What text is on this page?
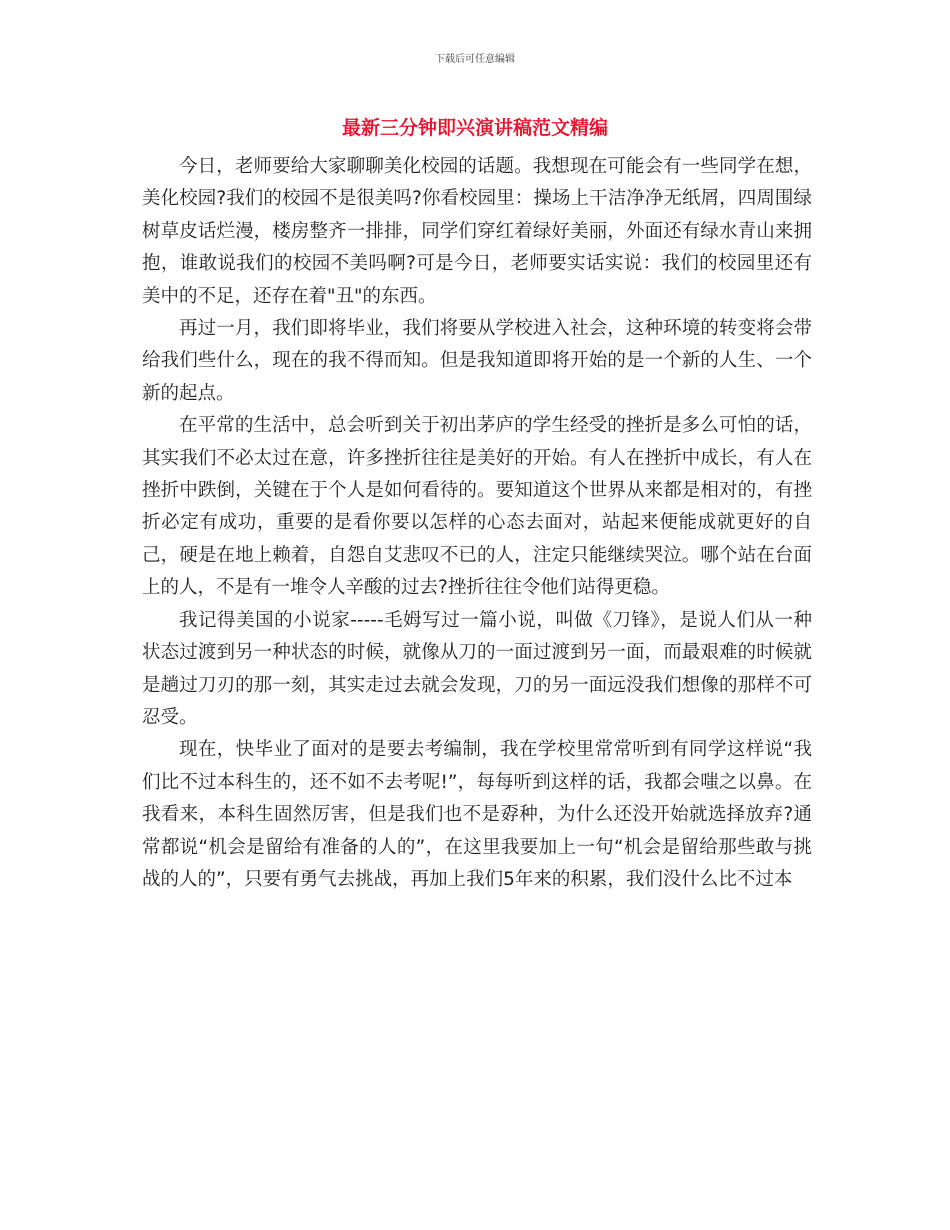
下载后可任意编辑
最新三分钟即兴演讲稿范文精编

今日，老师要给大家聊聊美化校园的话题。我想现在可能会有一些同学在想，美化校园?我们的校园不是很美吗?你看校园里：操场上干洁净净无纸屑，四周围绿树草皮话烂漫，楼房整齐一排排，同学们穿红着绿好美丽，外面还有绿水青山来拥抱，谁敢说我们的校园不美吗啊?可是今日，老师要实话实说：我们的校园里还有美中的不足，还存在着"丑"的东西。

再过一月，我们即将毕业，我们将要从学校进入社会，这种环境的转变将会带给我们些什么，现在的我不得而知。但是我知道即将开始的是一个新的人生、一个新的起点。

在平常的生活中，总会听到关于初出茅庐的学生经受的挫折是多么可怕的话，其实我们不必太过在意，许多挫折往往是美好的开始。有人在挫折中成长，有人在挫折中跌倒，关键在于个人是如何看待的。要知道这个世界从来都是相对的，有挫折必定有成功，重要的是看你要以怎样的心态去面对，站起来便能成就更好的自己，硬是在地上赖着，自怨自艾悲叹不已的人，注定只能继续哭泣。哪个站在台面上的人，不是有一堆令人辛酸的过去?挫折往往令他们站得更稳。

我记得美国的小说家-----毛姆写过一篇小说，叫做《刀锋》，是说人们从一种状态过渡到另一种状态的时候，就像从刀的一面过渡到另一面，而最艰难的时候就是趟过刀刃的那一刻，其实走过去就会发现，刀的另一面远没我们想像的那样不可忍受。

现在，快毕业了面对的是要去考编制，我在学校里常常听到有同学这样说“我们比不过本科生的，还不如不去考呢!”，每每听到这样的话，我都会嗤之以鼻。在我看来，本科生固然厉害，但是我们也不是孬种，为什么还没开始就选择放弃?通常都说“机会是留给有准备的人的”，在这里我要加上一句“机会是留给那些敢与挑战的人的”，只要有勇气去挑战，再加上我们5年来的积累，我们没什么比不过本
